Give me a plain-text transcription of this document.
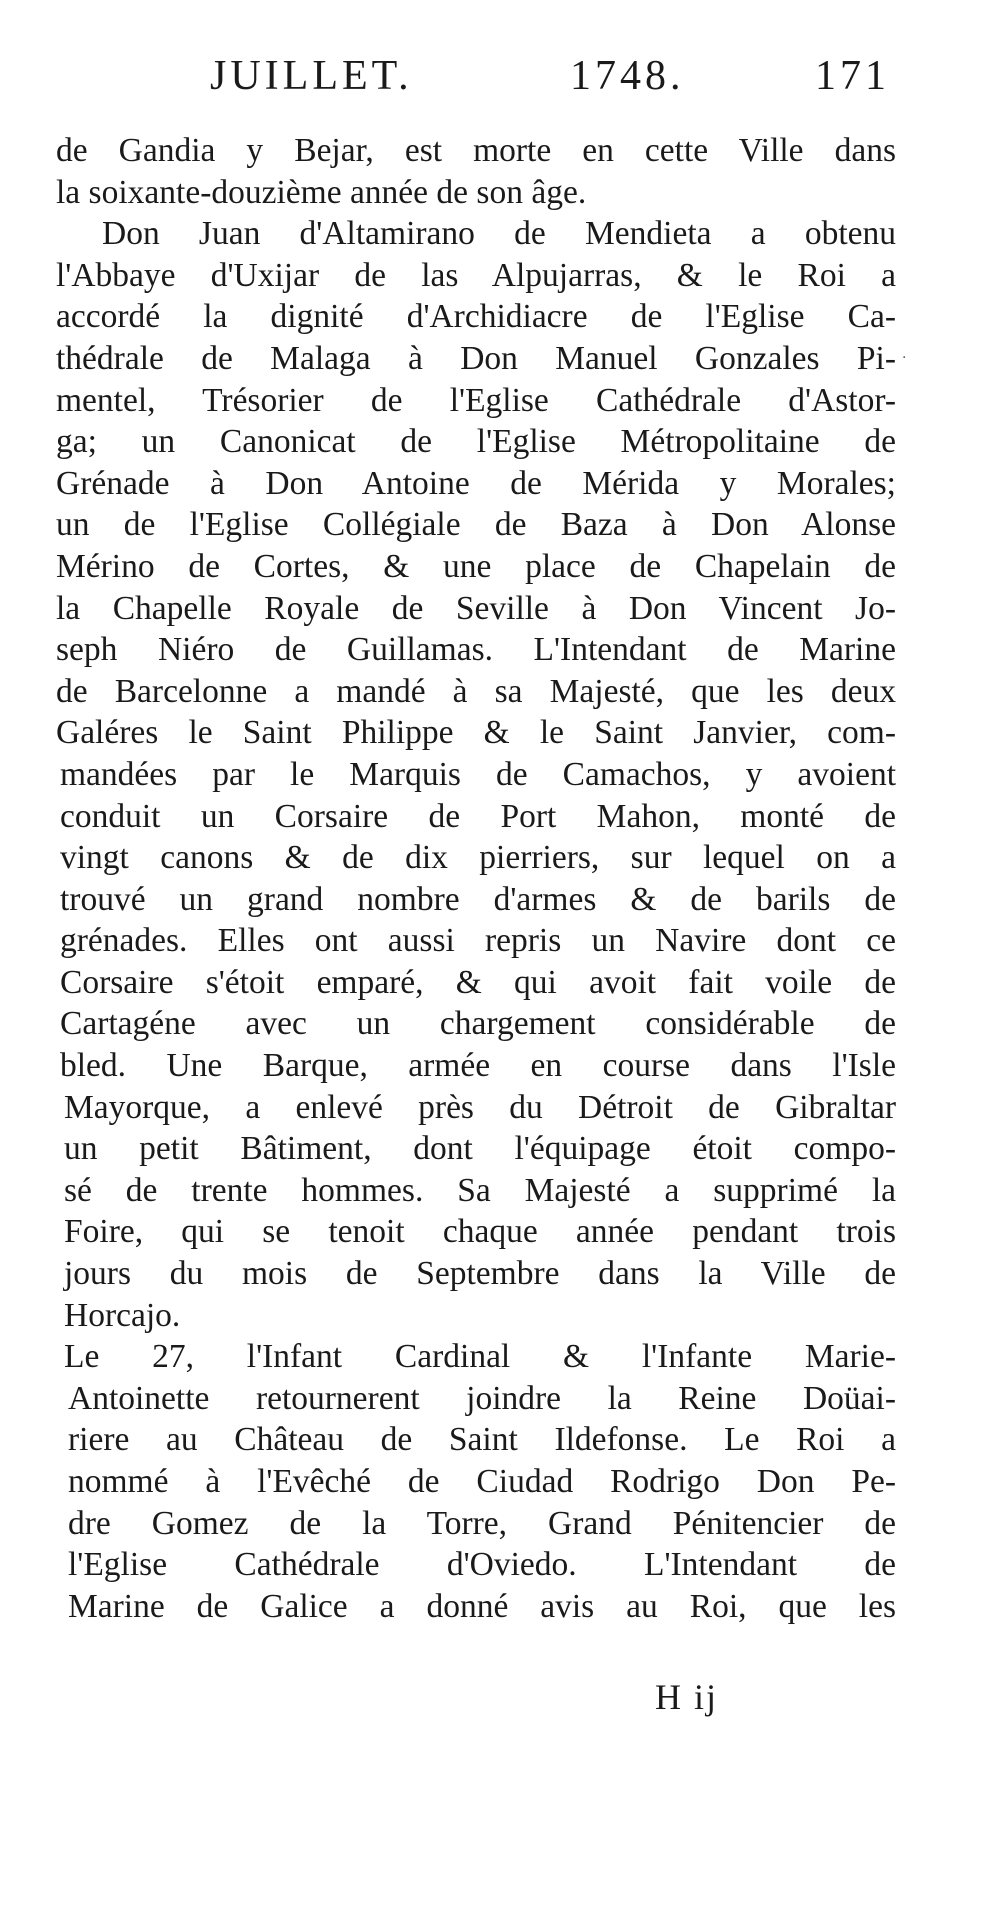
JUILLET.	1748.	171
de Gandia y Bejar, est morte en cette Ville dans
la soixante-douzième année de son âge.
Don Juan d'Altamirano de Mendieta a obtenu
l'Abbaye d'Uxijar de las Alpujarras, & le Roi a
accordé la dignité d'Archidiacre de l'Eglise Ca-
thédrale de Malaga à Don Manuel Gonzales Pi-
mentel, Trésorier de l'Eglise Cathédrale d'Astor-
ga; un Canonicat de l'Eglise Métropolitaine de
Grénade à Don Antoine de Mérida y Morales;
un de l'Eglise Collégiale de Baza à Don Alonse
Mérino de Cortes, & une place de Chapelain de
la Chapelle Royale de Seville à Don Vincent Jo-
seph Niéro de Guillamas. L'Intendant de Marine
de Barcelonne a mandé à sa Majesté, que les deux
Galéres le Saint Philippe & le Saint Janvier, com-
mandées par le Marquis de Camachos, y avoient
conduit un Corsaire de Port Mahon, monté de
vingt canons & de dix pierriers, sur lequel on a
trouvé un grand nombre d'armes & de barils de
grénades. Elles ont aussi repris un Navire dont ce
Corsaire s'étoit emparé, & qui avoit fait voile de
Cartagéne avec un chargement considérable de
bled. Une Barque, armée en course dans l'Isle
Mayorque, a enlevé près du Détroit de Gibraltar
un petit Bâtiment, dont l'équipage étoit compo-
sé de trente hommes. Sa Majesté a supprimé la
Foire, qui se tenoit chaque année pendant trois
jours du mois de Septembre dans la Ville de
Horcajo.
Le 27, l'Infant Cardinal & l'Infante Marie-
Antoinette retournerent joindre la Reine Doüai-
riere au Château de Saint Ildefonse. Le Roi a
nommé à l'Evêché de Ciudad Rodrigo Don Pe-
dre Gomez de la Torre, Grand Pénitencier de
l'Eglise Cathédrale d'Oviedo. L'Intendant de
Marine de Galice a donné avis au Roi, que les
H ij
·
